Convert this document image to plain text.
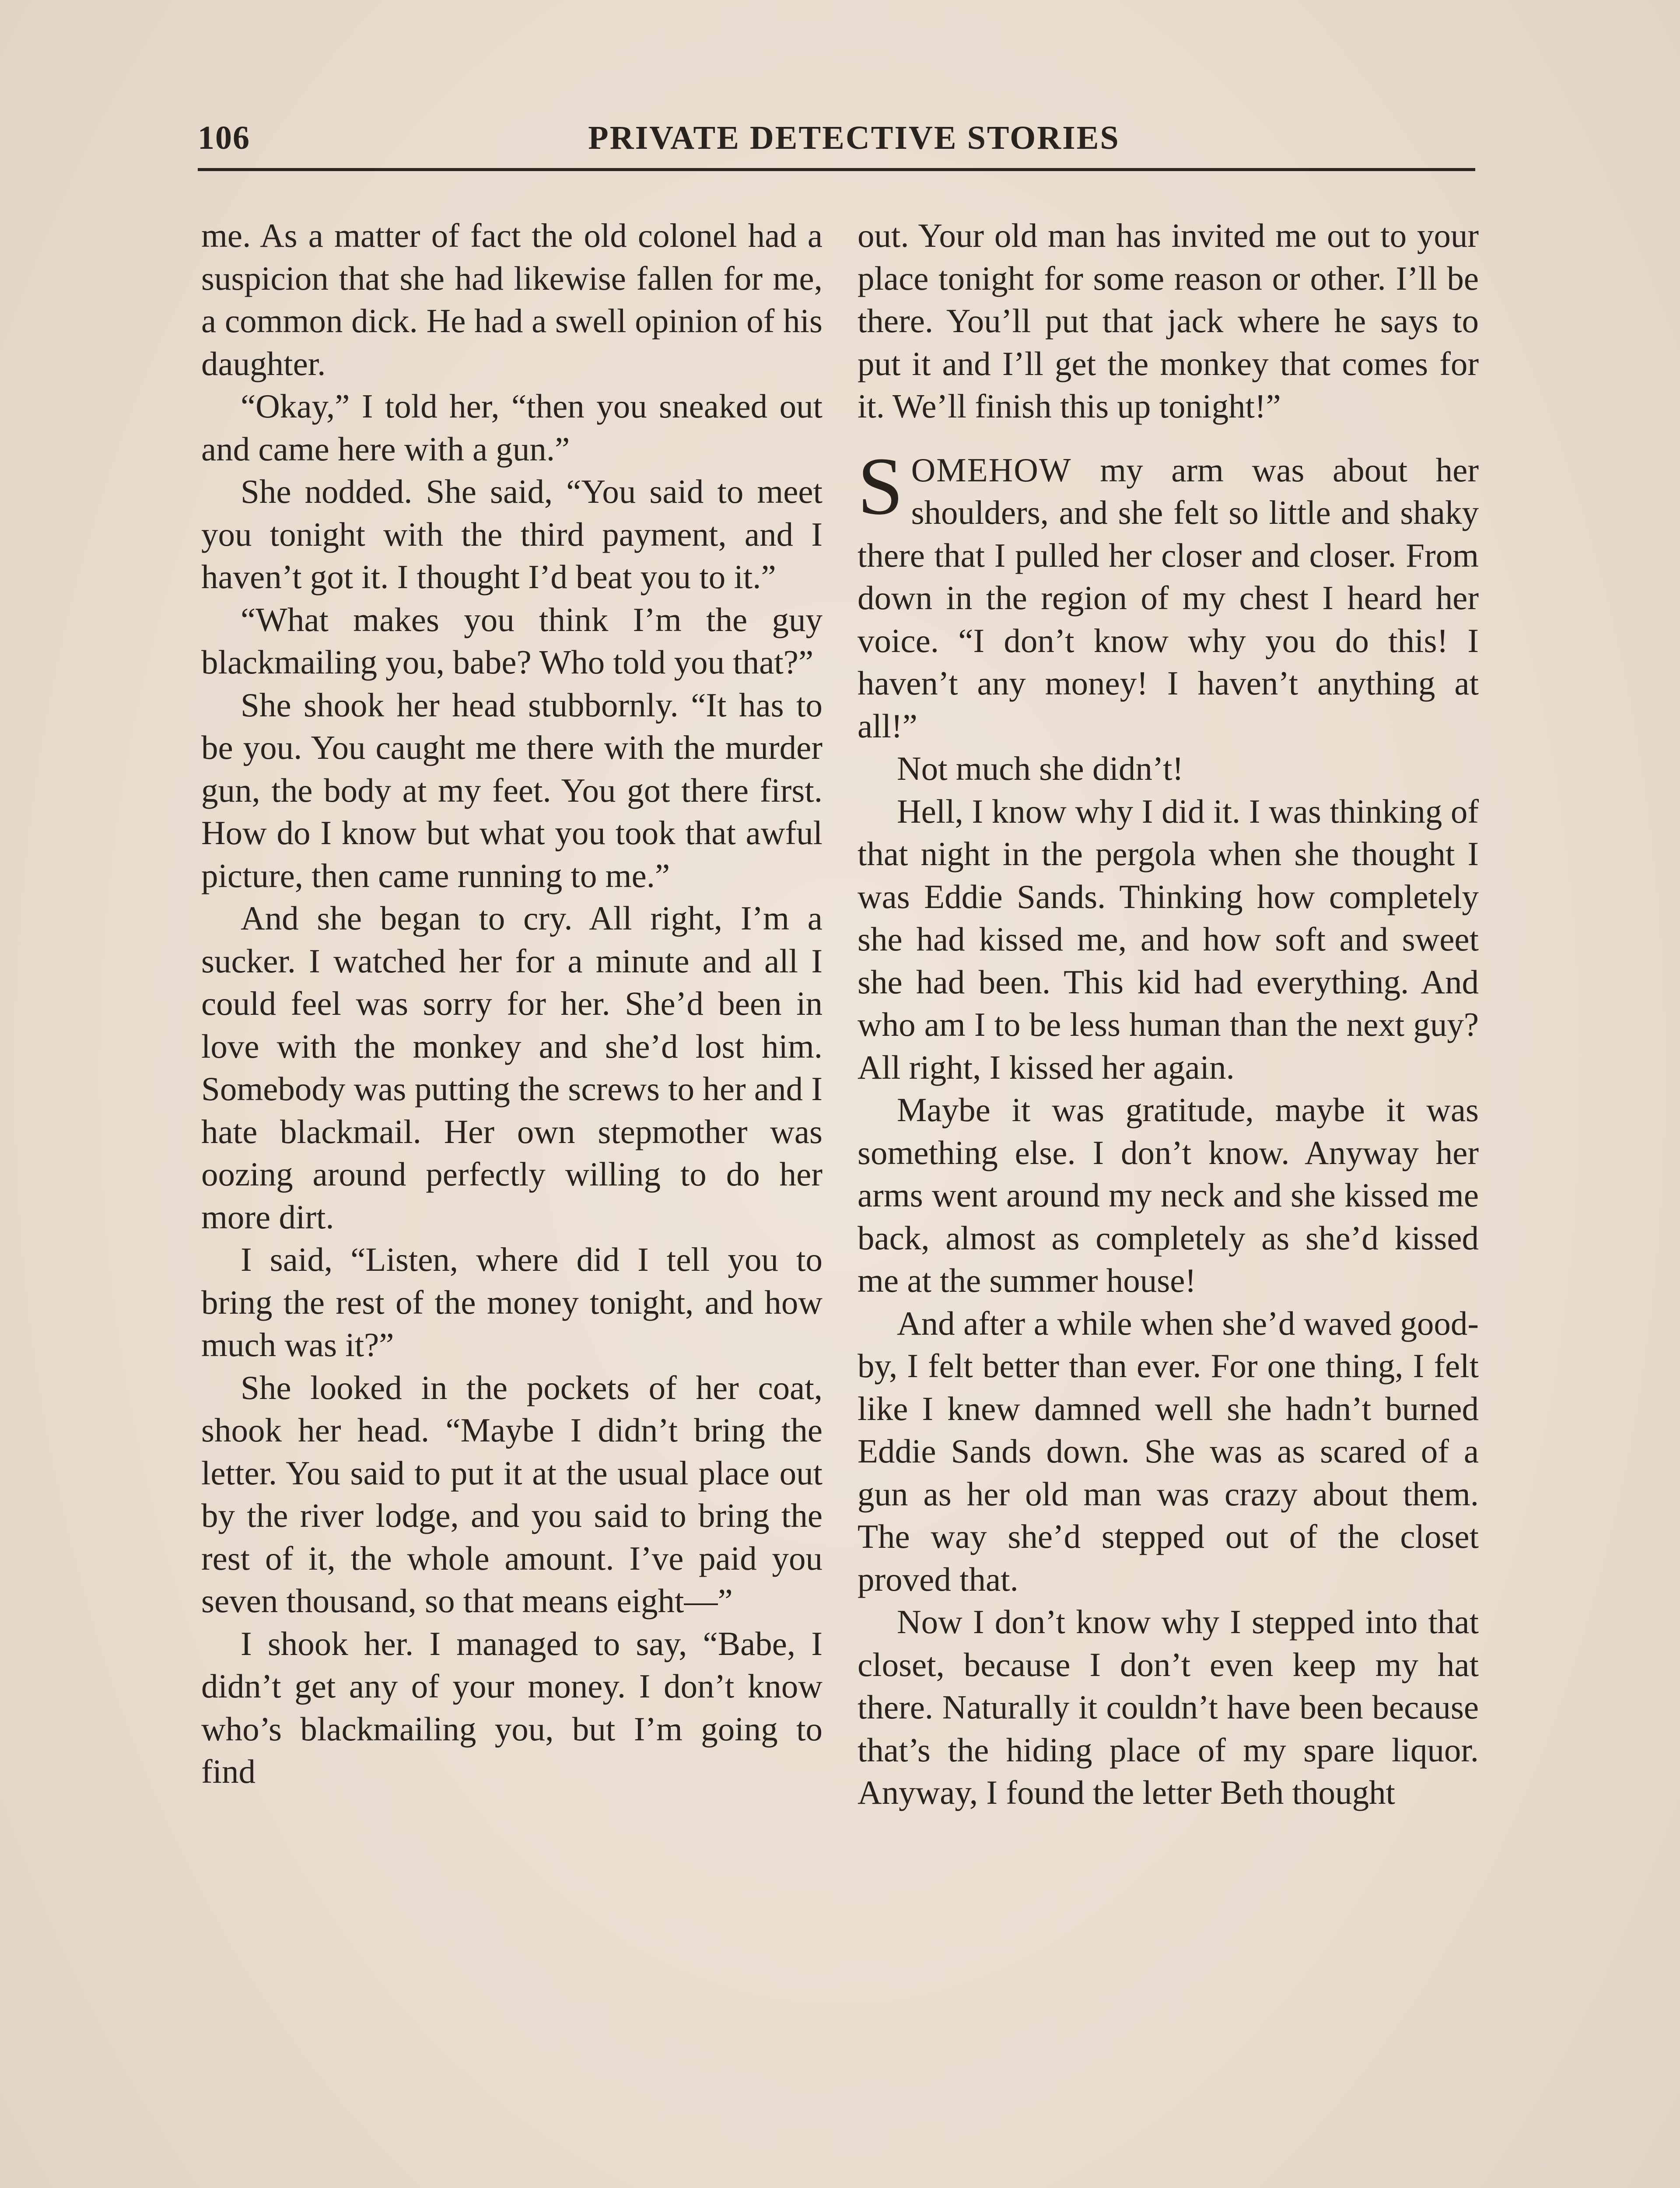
106	PRIVATE DETECTIVE STORIES

me. As a matter of fact the old colonel had a suspicion that she had likewise fallen for me, a common dick. He had a swell opinion of his daughter.

“Okay,” I told her, “then you sneaked out and came here with a gun.”

She nodded. She said, “You said to meet you tonight with the third payment, and I haven’t got it. I thought I’d beat you to it.”

“What makes you think I’m the guy blackmailing you, babe? Who told you that?”

She shook her head stubbornly. “It has to be you. You caught me there with the murder gun, the body at my feet. You got there first. How do I know but what you took that awful picture, then came running to me.”

And she began to cry. All right, I’m a sucker. I watched her for a minute and all I could feel was sorry for her. She’d been in love with the monkey and she’d lost him. Somebody was putting the screws to her and I hate blackmail. Her own stepmother was oozing around perfectly willing to do her more dirt.

I said, “Listen, where did I tell you to bring the rest of the money tonight, and how much was it?”

She looked in the pockets of her coat, shook her head. “Maybe I didn’t bring the letter. You said to put it at the usual place out by the river lodge, and you said to bring the rest of it, the whole amount. I’ve paid you seven thousand, so that means eight—”

I shook her. I managed to say, “Babe, I didn’t get any of your money. I don’t know who’s blackmailing you, but I’m going to find

out. Your old man has invited me out to your place tonight for some reason or other. I’ll be there. You’ll put that jack where he says to put it and I’ll get the monkey that comes for it. We’ll finish this up tonight!”

SOMEHOW my arm was about her shoulders, and she felt so little and shaky there that I pulled her closer and closer. From down in the region of my chest I heard her voice. “I don’t know why you do this! I haven’t any money! I haven’t anything at all!”

Not much she didn’t!

Hell, I know why I did it. I was thinking of that night in the pergola when she thought I was Eddie Sands. Thinking how completely she had kissed me, and how soft and sweet she had been. This kid had everything. And who am I to be less human than the next guy? All right, I kissed her again.

Maybe it was gratitude, maybe it was something else. I don’t know. Anyway her arms went around my neck and she kissed me back, almost as completely as she’d kissed me at the summer house!

And after a while when she’d waved good-by, I felt better than ever. For one thing, I felt like I knew damned well she hadn’t burned Eddie Sands down. She was as scared of a gun as her old man was crazy about them. The way she’d stepped out of the closet proved that.

Now I don’t know why I stepped into that closet, because I don’t even keep my hat there. Naturally it couldn’t have been because that’s the hiding place of my spare liquor. Anyway, I found the letter Beth thought
